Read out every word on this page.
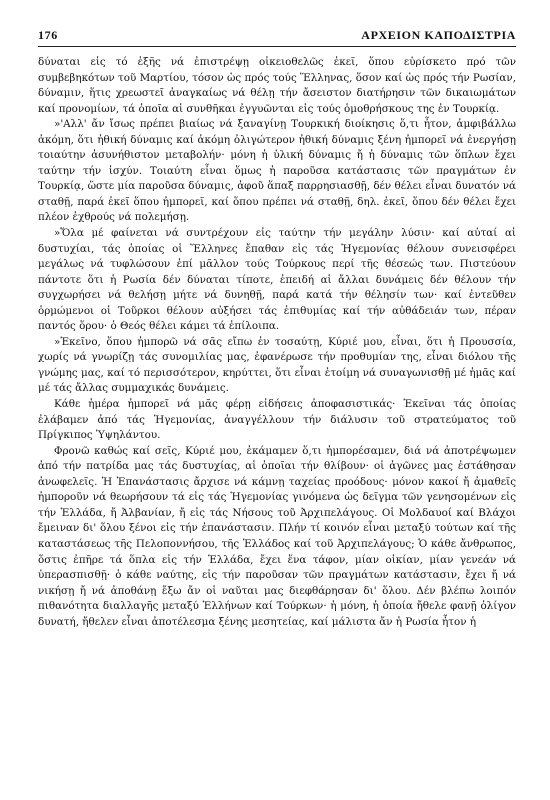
176	ΑΡΧΕΙΟΝ ΚΑΠΟΔΙΣΤΡΙΑ

δύναται εἰς τό ἑξῆς νά ἐπιστρέψῃ οἰκειοθελῶς ἐκεῖ, ὅπου εὑρίσκετο πρό τῶν συμβεβηκότων τοῦ Μαρτίου, τόσον ὡς πρός τούς Ἕλληνας, ὅσον καί ὡς πρός τήν Ρωσίαν, δύναμιν, ἥτις χρεωστεῖ ἀναγκαίως νά θέλῃ τήν ἄσειστον διατήρησιν τῶν δικαιωμάτων καί προνομίων, τά ὁποῖα αἱ συνθῆκαι ἐγγυῶνται εἰς τούς ὁμοθρήσκους της ἐν Τουρκίᾳ.

»'Αλλ' ἄν ἴσως πρέπει βιαίως νά ξαναγίνῃ Τουρκική διοίκησις ὅ,τι ἦτον, ἀμφιβάλλω ἀκόμη, ὅτι ἠθική δύναμις καί ἀκόμη ὀλιγώτερον ἠθική δύναμις ξένη ἠμπορεῖ νά ἐνεργήσῃ τοιαύτην ἀσυνήθιστον μεταβολήν· μόνη ἡ ὑλική δύναμις ἤ ἡ δύναμις τῶν ὅπλων ἔχει ταύτην τήν ἰσχύν. Τοιαύτη εἶναι ὅμως ἡ παροῦσα κατάστασις τῶν πραγμάτων ἐν Τουρκίᾳ, ὥστε μία παροῦσα δύναμις, ἀφοῦ ἅπαξ παρρησιασθῇ, δέν θέλει εἶναι δυνατόν νά σταθῇ, παρά ἐκεῖ ὅπου ἠμπορεῖ, καί ὅπου πρέπει νά σταθῇ, δηλ. ἐκεῖ, ὅπου δέν θέλει ἔχει πλέον ἐχθρούς νά πολεμήσῃ.

»Ὅλα μέ φαίνεται νά συντρέχουν εἰς ταύτην τήν μεγάλην λύσιν· καί αὐταί αἱ δυστυχίαι, τάς ὁποίας οἱ Ἕλληνες ἔπαθαν εἰς τάς Ἡγεμονίας θέλουν συνεισφέρει μεγάλως νά τυφλώσουν ἐπί μᾶλλον τούς Τούρκους περί τῆς θέσεώς των. Πιστεύουν πάντοτε ὅτι ἡ Ρωσία δέν δύναται τίποτε, ἐπειδή αἱ ἄλλαι δυνάμεις δέν θέλουν τήν συγχωρήσει νά θελήσῃ μήτε νά δυνηθῇ, παρά κατά τήν θέλησίν των· καί ἐντεῦθεν ὁρμώμενοι οἱ Τοῦρκοι θέλουν αὐξήσει τάς ἐπιθυμίας καί τήν αὐθάδειάν των, πέραν παντός ὅρου· ὁ Θεός θέλει κάμει τά ἐπίλοιπα.

»Ἐκεῖνο, ὅπου ἠμπορῶ νά σᾶς εἴπω ἐν τοσαύτῃ, Κύριέ μου, εἶναι, ὅτι ἡ Προυσσία, χωρίς νά γνωρίζῃ τάς συνομιλίας μας, ἐφανέρωσε τήν προθυμίαν της, εἶναι διόλου τῆς γνώμης μας, καί τό περισσότερον, κηρύττει, ὅτι εἶναι ἑτοίμη νά συναγωνισθῇ μέ ἡμᾶς καί μέ τάς ἄλλας συμμαχικάς δυνάμεις.

Κάθε ἡμέρα ἠμπορεῖ νά μᾶς φέρῃ εἰδήσεις ἀποφασιστικάς· Ἐκεῖναι τάς ὁποίας ἐλάβαμεν ἀπό τάς Ἡγεμονίας, ἀναγγέλλουν τήν διάλυσιν τοῦ στρατεύματος τοῦ Πρίγκιπος Ὑψηλάντου.

Φρονῶ καθώς καί σεῖς, Κύριέ μου, ἐκάμαμεν ὅ,τι ἠμπορέσαμεν, διά νά ἀποτρέψωμεν ἀπό τήν πατρίδα μας τάς δυστυχίας, αἱ ὁποῖαι τήν θλίβουν· οἱ ἀγῶνες μας ἐστάθησαν ἀνωφελεῖς. Ἡ Ἐπανάστασις ἄρχισε νά κάμνῃ ταχείας προόδους· μόνον κακοί ἤ ἀμαθεῖς ἠμποροῦν νά θεωρήσουν τά εἰς τάς Ἡγεμονίας γινόμενα ὡς δεῖγμα τῶν γενησομένων εἰς τήν Ἑλλάδα, ἤ Ἀλβανίαν, ἤ εἰς τάς Νήσους τοῦ Ἀρχιπελάγους. Οἱ Μολδαυοί καί Βλάχοι ἔμειναν δι' ὅλου ξένοι εἰς τήν ἐπανάστασιν. Πλήν τί κοινόν εἶναι μεταξύ τούτων καί τῆς καταστάσεως τῆς Πελοποννήσου, τῆς Ἑλλάδος καί τοῦ Ἀρχιπελάγους; Ὁ κάθε ἄνθρωπος, ὅστις ἐπῆρε τά ὅπλα εἰς τήν Ἑλλάδα, ἔχει ἕνα τάφον, μίαν οἰκίαν, μίαν γενεάν νά ὑπερασπισθῇ· ὁ κάθε ναύτης, εἰς τήν παροῦσαν τῶν πραγμάτων κατάστασιν, ἔχει ἤ νά νικήσῃ ἤ νά ἀποθάνῃ ἔξω ἄν οἱ ναῦται μας διεφθάρησαν δι' ὅλου. Δέν βλέπω λοιπόν πιθανότητα διαλλαγῆς μεταξύ Ἑλλήνων καί Τούρκων· ἡ μόνη, ἡ ὁποία ἤθελε φανῇ ὀλίγον δυνατή, ἤθελεν εἶναι ἀποτέλεσμα ξένης μεσητείας, καί μάλιστα ἄν ἡ Ρωσία ἦτον ἡ
